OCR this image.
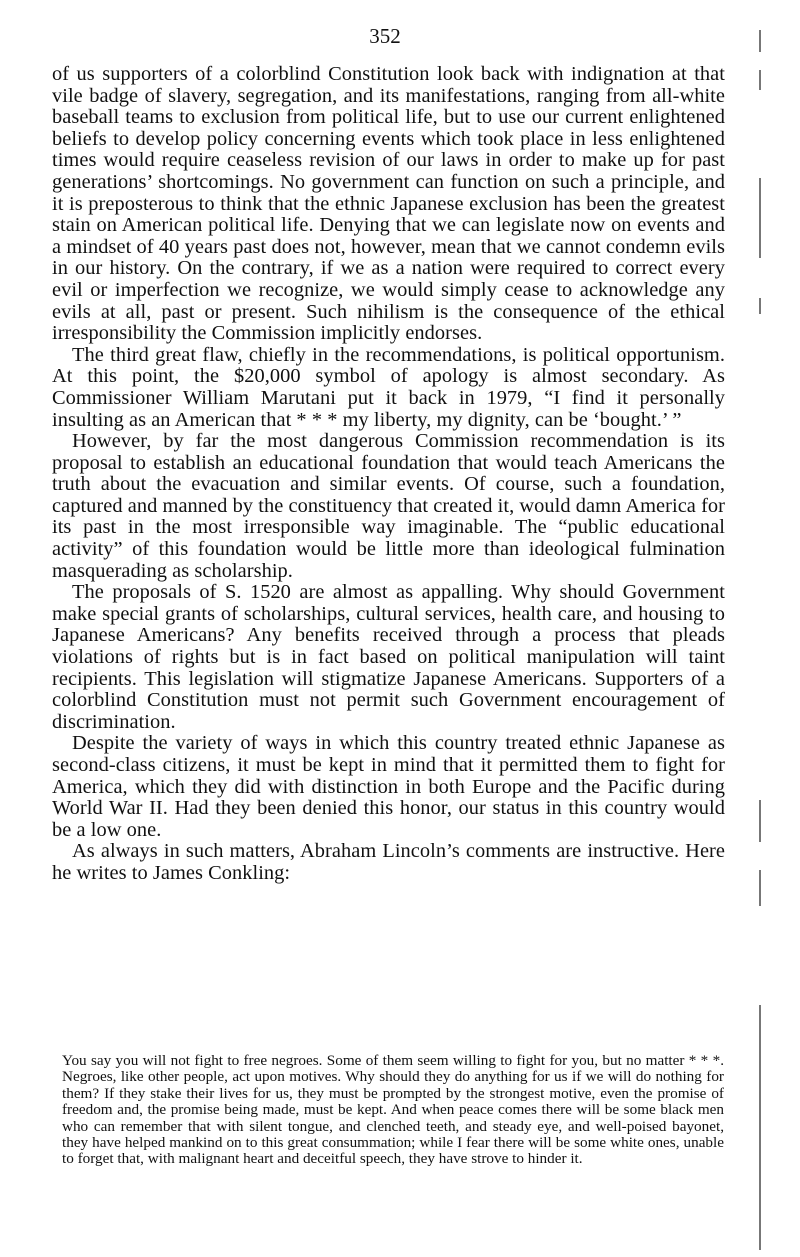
352

of us supporters of a colorblind Constitution look back with indignation at that vile badge of slavery, segregation, and its manifestations, ranging from all-white baseball teams to exclusion from political life, but to use our current enlightened beliefs to develop policy concerning events which took place in less enlightened times would require ceaseless revision of our laws in order to make up for past generations’ shortcomings. No government can function on such a principle, and it is preposterous to think that the ethnic Japanese exclusion has been the greatest stain on American political life. Denying that we can legislate now on events and a mindset of 40 years past does not, however, mean that we cannot condemn evils in our history. On the contrary, if we as a nation were required to correct every evil or imperfection we recognize, we would simply cease to acknowledge any evils at all, past or present. Such nihilism is the consequence of the ethical irresponsibility the Commission implicitly endorses.

The third great flaw, chiefly in the recommendations, is political opportunism. At this point, the $20,000 symbol of apology is almost secondary. As Commissioner William Marutani put it back in 1979, “I find it personally insulting as an American that * * * my liberty, my dignity, can be ‘bought.’ ”

However, by far the most dangerous Commission recommendation is its proposal to establish an educational foundation that would teach Americans the truth about the evacuation and similar events. Of course, such a foundation, captured and manned by the constituency that created it, would damn America for its past in the most irresponsible way imaginable. The “public educational activity” of this foundation would be little more than ideological fulmination masquerading as scholarship.

The proposals of S. 1520 are almost as appalling. Why should Government make special grants of scholarships, cultural services, health care, and housing to Japanese Americans? Any benefits received through a process that pleads violations of rights but is in fact based on political manipulation will taint recipients. This legislation will stigmatize Japanese Americans. Supporters of a colorblind Constitution must not permit such Government encouragement of discrimination.

Despite the variety of ways in which this country treated ethnic Japanese as second-class citizens, it must be kept in mind that it permitted them to fight for America, which they did with distinction in both Europe and the Pacific during World War II. Had they been denied this honor, our status in this country would be a low one.

As always in such matters, Abraham Lincoln’s comments are instructive. Here he writes to James Conkling:

You say you will not fight to free negroes. Some of them seem willing to fight for you, but no matter * * *. Negroes, like other people, act upon motives. Why should they do anything for us if we will do nothing for them? If they stake their lives for us, they must be prompted by the strongest motive, even the promise of freedom and, the promise being made, must be kept. And when peace comes there will be some black men who can remember that with silent tongue, and clenched teeth, and steady eye, and well-poised bayonet, they have helped mankind on to this great consummation; while I fear there will be some white ones, unable to forget that, with malignant heart and deceitful speech, they have strove to hinder it.
